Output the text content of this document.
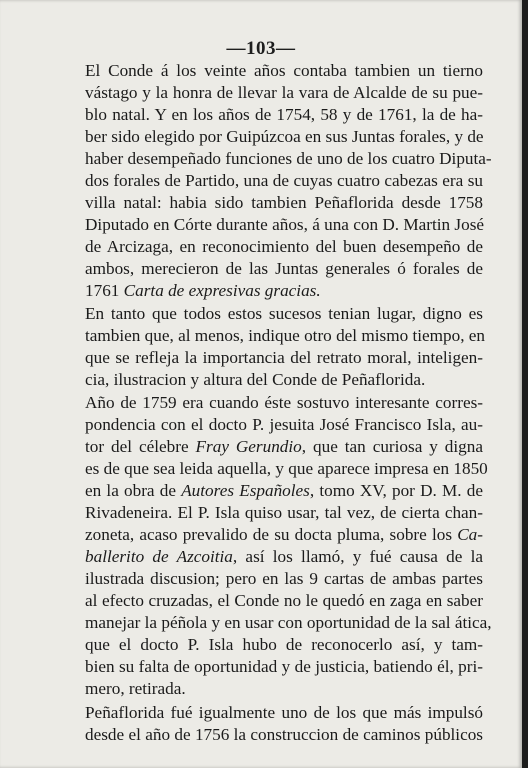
—103—
El Conde á los veinte años contaba tambien un tierno
vástago y la honra de llevar la vara de Alcalde de su pue-
blo natal. Y en los años de 1754, 58 y de 1761, la de ha-
ber sido elegido por Guipúzcoa en sus Juntas forales, y de
haber desempeñado funciones de uno de los cuatro Diputa-
dos forales de Partido, una de cuyas cuatro cabezas era su
villa natal: habia sido tambien Peñaflorida desde 1758
Diputado en Córte durante años, á una con D. Martin José
de Arcizaga, en reconocimiento del buen desempeño de
ambos, merecieron de las Juntas generales ó forales de
1761 Carta de expresivas gracias.
En tanto que todos estos sucesos tenian lugar, digno es
tambien que, al menos, indique otro del mismo tiempo, en
que se refleja la importancia del retrato moral, inteligen-
cia, ilustracion y altura del Conde de Peñaflorida.
Año de 1759 era cuando éste sostuvo interesante corres-
pondencia con el docto P. jesuita José Francisco Isla, au-
tor del célebre Fray Gerundio, que tan curiosa y digna
es de que sea leida aquella, y que aparece impresa en 1850
en la obra de Autores Españoles, tomo XV, por D. M. de
Rivadeneira. El P. Isla quiso usar, tal vez, de cierta chan-
zoneta, acaso prevalido de su docta pluma, sobre los Ca-
ballerito de Azcoitia, así los llamó, y fué causa de la
ilustrada discusion; pero en las 9 cartas de ambas partes
al efecto cruzadas, el Conde no le quedó en zaga en saber
manejar la péñola y en usar con oportunidad de la sal ática,
que el docto P. Isla hubo de reconocerlo así, y tam-
bien su falta de oportunidad y de justicia, batiendo él, pri-
mero, retirada.
Peñaflorida fué igualmente uno de los que más impulsó
desde el año de 1756 la construccion de caminos públicos
